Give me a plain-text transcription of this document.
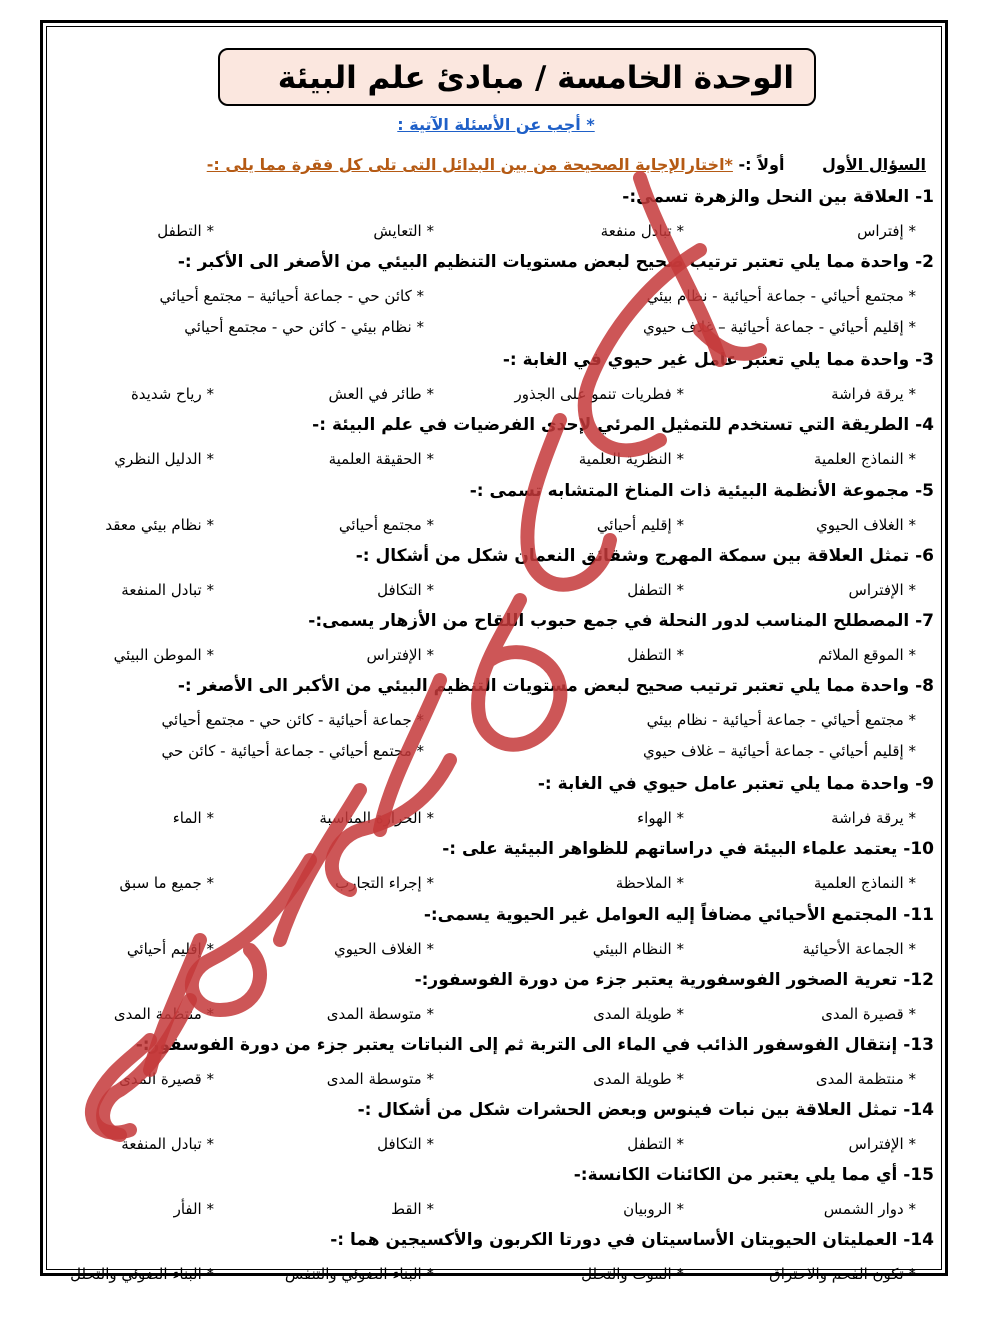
الوحدة الخامسة / مبادئ علم البيئة
* أجب عن الأسئلة الآتية :
السؤال الأول أولاً :- *اختارالإجابة الصحيحة من بين البدائل التى تلى كل فقرة مما يلى :-
1- العلاقة بين النحل والزهرة تسمى:-
* إفتراس
* تبادل منفعة
* التعايش
* التطفل
2- واحدة مما يلي تعتبر ترتيب صحيح لبعض مستويات التنظيم البيئي من الأصغر الى الأكبر :-
* مجتمع أحيائي - جماعة أحيائية - نظام بيئي
* كائن حي - جماعة أحيائية – مجتمع أحيائي
* إقليم أحيائي - جماعة أحيائية – غلاف حيوي
* نظام بيئي - كائن حي - مجتمع أحيائي
3- واحدة مما يلي تعتبر عامل غير حيوي في الغابة :-
* يرقة فراشة
* فطريات تنمو على الجذور
* طائر في العش
* رياح شديدة
4- الطريقة التي تستخدم للتمثيل المرئي لإحدى الفرضيات في علم البيئة :-
* النماذج العلمية
* النظرية العلمية
* الحقيقة العلمية
* الدليل النظري
5- مجموعة الأنظمة البيئية ذات المناخ المتشابه تسمى :-
* الغلاف الحيوي
* إقليم أحيائي
* مجتمع أحيائي
* نظام بيئي معقد
6- تمثل العلاقة بين سمكة المهرج وشقائق النعمان شكل من أشكال :-
* الإفتراس
* التطفل
* التكافل
* تبادل المنفعة
7- المصطلح المناسب لدور النحلة في جمع حبوب اللقاح من الأزهار يسمى:-
* الموقع الملائم
* التطفل
* الإفتراس
* الموطن البيئي
8- واحدة مما يلي تعتبر ترتيب صحيح لبعض مستويات التنظيم البيئي من الأكبر الى الأصغر :-
* مجتمع أحيائي - جماعة أحيائية - نظام بيئي
* جماعة أحيائية - كائن حي - مجتمع أحيائي
* إقليم أحيائي - جماعة أحيائية – غلاف حيوي
* مجتمع أحيائي - جماعة أحيائية - كائن حي
9- واحدة مما يلي تعتبر عامل حيوي في الغابة :-
* يرقة فراشة
* الهواء
* الحرارة المناسبة
* الماء
10- يعتمد علماء البيئة في دراساتهم للظواهر البيئية على :-
* النماذج العلمية
* الملاحظة
* إجراء التجارب
* جميع ما سبق
11- المجتمع الأحيائي مضافاً إليه العوامل غير الحيوية يسمى:-
* الجماعة الأحيائية
* النظام البيئي
* الغلاف الحيوي
* إقليم أحيائي
12- تعرية الصخور الفوسفورية يعتبر جزء من دورة الفوسفور:-
* قصيرة المدى
* طويلة المدى
* متوسطة المدى
* منتظمة المدى
13- إنتقال الفوسفور الذائب في الماء الى التربة ثم إلى النباتات يعتبر جزء من دورة الفوسفور:-
* منتظمة المدى
* طويلة المدى
* متوسطة المدى
* قصيرة المدى
14- تمثل العلاقة بين نبات فينوس وبعض الحشرات شكل من أشكال :-
* الإفتراس
* التطفل
* التكافل
* تبادل المنفعة
15- أي مما يلي يعتبر من الكائنات الكانسة:-
* دوار الشمس
* الروبيان
* القط
* الفأر
14- العمليتان الحيويتان الأساسيتان في دورتا الكربون والأكسيجين هما :-
* تكون الفحم والاحتراق
* الموت والتحلل
* البناء الضوئي والتنفس
* البناء الضوئي والتحلل
